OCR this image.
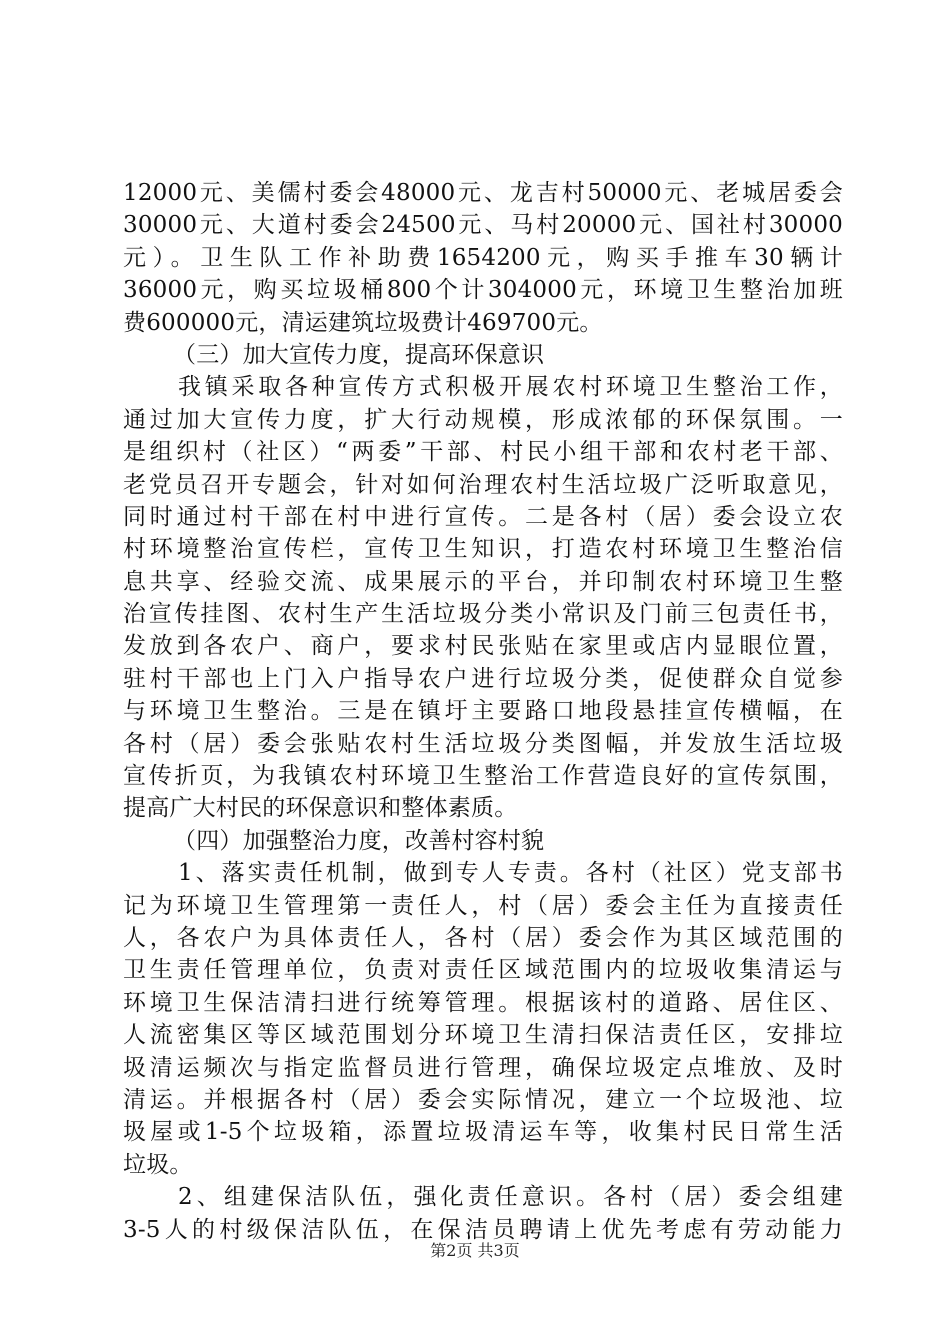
12000元、美儒村委会48000元、龙吉村50000元、老城居委会
30000元、大道村委会24500元、马村20000元、国社村30000
元）。卫生队工作补助费1654200元，购买手推车30辆计
36000元，购买垃圾桶800个计304000元，环境卫生整治加班
费600000元，清运建筑垃圾费计469700元。
（三）加大宣传力度，提高环保意识
我镇采取各种宣传方式积极开展农村环境卫生整治工作，
通过加大宣传力度，扩大行动规模，形成浓郁的环保氛围。一
是组织村（社区）“两委”干部、村民小组干部和农村老干部、
老党员召开专题会，针对如何治理农村生活垃圾广泛听取意见，
同时通过村干部在村中进行宣传。二是各村（居）委会设立农
村环境整治宣传栏，宣传卫生知识，打造农村环境卫生整治信
息共享、经验交流、成果展示的平台，并印制农村环境卫生整
治宣传挂图、农村生产生活垃圾分类小常识及门前三包责任书，
发放到各农户、商户，要求村民张贴在家里或店内显眼位置，
驻村干部也上门入户指导农户进行垃圾分类，促使群众自觉参
与环境卫生整治。三是在镇圩主要路口地段悬挂宣传横幅，在
各村（居）委会张贴农村生活垃圾分类图幅，并发放生活垃圾
宣传折页，为我镇农村环境卫生整治工作营造良好的宣传氛围，
提高广大村民的环保意识和整体素质。
（四）加强整治力度，改善村容村貌
1、落实责任机制，做到专人专责。各村（社区）党支部书
记为环境卫生管理第一责任人，村（居）委会主任为直接责任
人，各农户为具体责任人，各村（居）委会作为其区域范围的
卫生责任管理单位，负责对责任区域范围内的垃圾收集清运与
环境卫生保洁清扫进行统筹管理。根据该村的道路、居住区、
人流密集区等区域范围划分环境卫生清扫保洁责任区，安排垃
圾清运频次与指定监督员进行管理，确保垃圾定点堆放、及时
清运。并根据各村（居）委会实际情况，建立一个垃圾池、垃
圾屋或1-5个垃圾箱，添置垃圾清运车等，收集村民日常生活
垃圾。
2、组建保洁队伍，强化责任意识。各村（居）委会组建
3-5人的村级保洁队伍，在保洁员聘请上优先考虑有劳动能力
第2页 共3页
